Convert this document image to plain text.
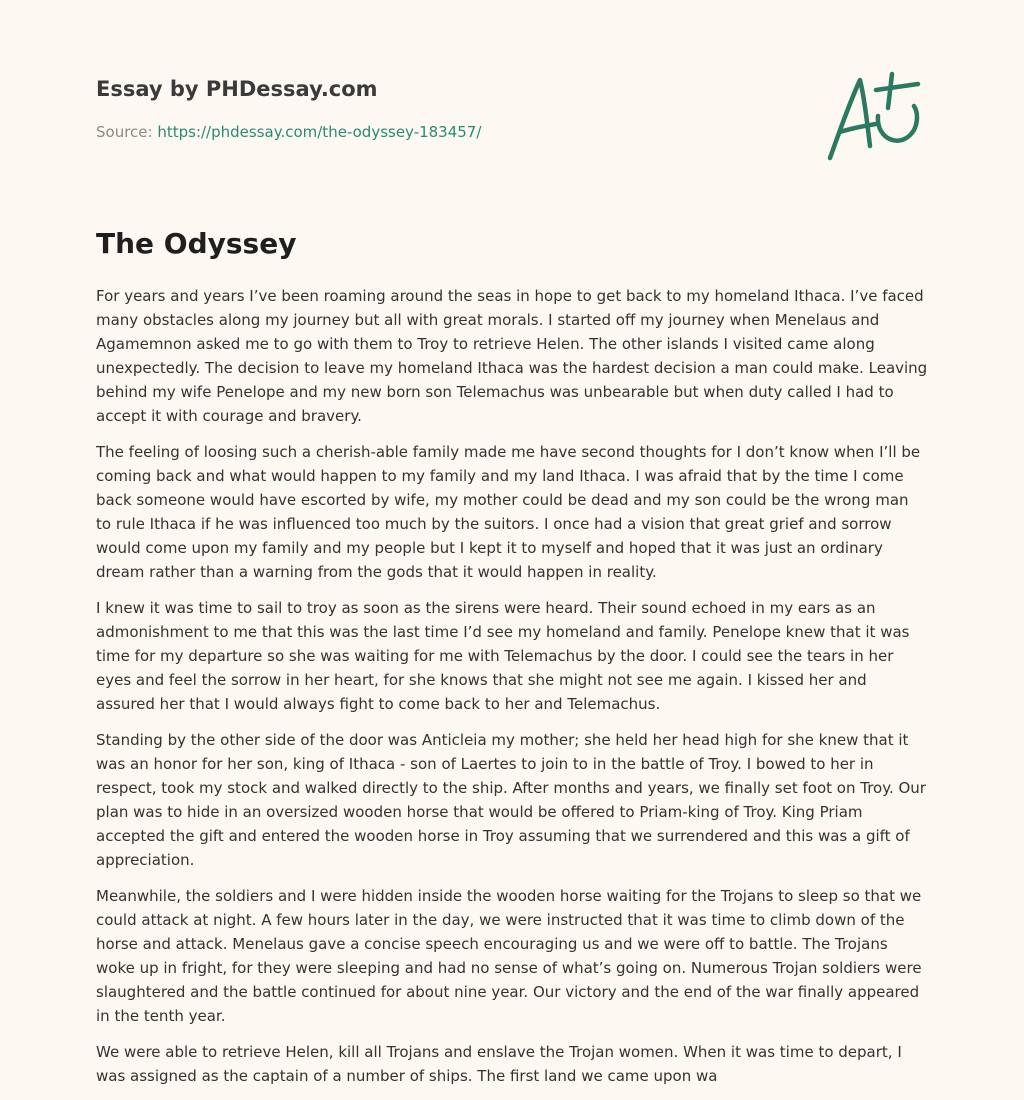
Essay by PHDessay.com
Source: https://phdessay.com/the-odyssey-183457/
The Odyssey

For years and years I’ve been roaming around the seas in hope to get back to my homeland Ithaca. I’ve faced many obstacles along my journey but all with great morals. I started off my journey when Menelaus and Agamemnon asked me to go with them to Troy to retrieve Helen. The other islands I visited came along unexpectedly. The decision to leave my homeland Ithaca was the hardest decision a man could make. Leaving behind my wife Penelope and my new born son Telemachus was unbearable but when duty called I had to accept it with courage and bravery.

The feeling of loosing such a cherish-able family made me have second thoughts for I don’t know when I’ll be coming back and what would happen to my family and my land Ithaca. I was afraid that by the time I come back someone would have escorted by wife, my mother could be dead and my son could be the wrong man to rule Ithaca if he was influenced too much by the suitors. I once had a vision that great grief and sorrow would come upon my family and my people but I kept it to myself and hoped that it was just an ordinary dream rather than a warning from the gods that it would happen in reality.

I knew it was time to sail to troy as soon as the sirens were heard. Their sound echoed in my ears as an admonishment to me that this was the last time I’d see my homeland and family. Penelope knew that it was time for my departure so she was waiting for me with Telemachus by the door. I could see the tears in her eyes and feel the sorrow in her heart, for she knows that she might not see me again. I kissed her and assured her that I would always fight to come back to her and Telemachus.

Standing by the other side of the door was Anticleia my mother; she held her head high for she knew that it was an honor for her son, king of Ithaca - son of Laertes to join to in the battle of Troy. I bowed to her in respect, took my stock and walked directly to the ship. After months and years, we finally set foot on Troy. Our plan was to hide in an oversized wooden horse that would be offered to Priam-king of Troy. King Priam accepted the gift and entered the wooden horse in Troy assuming that we surrendered and this was a gift of appreciation.

Meanwhile, the soldiers and I were hidden inside the wooden horse waiting for the Trojans to sleep so that we could attack at night. A few hours later in the day, we were instructed that it was time to climb down of the horse and attack. Menelaus gave a concise speech encouraging us and we were off to battle. The Trojans woke up in fright, for they were sleeping and had no sense of what’s going on. Numerous Trojan soldiers were slaughtered and the battle continued for about nine year. Our victory and the end of the war finally appeared in the tenth year.

We were able to retrieve Helen, kill all Trojans and enslave the Trojan women. When it was time to depart, I was assigned as the captain of a number of ships. The first land we came upon wa
